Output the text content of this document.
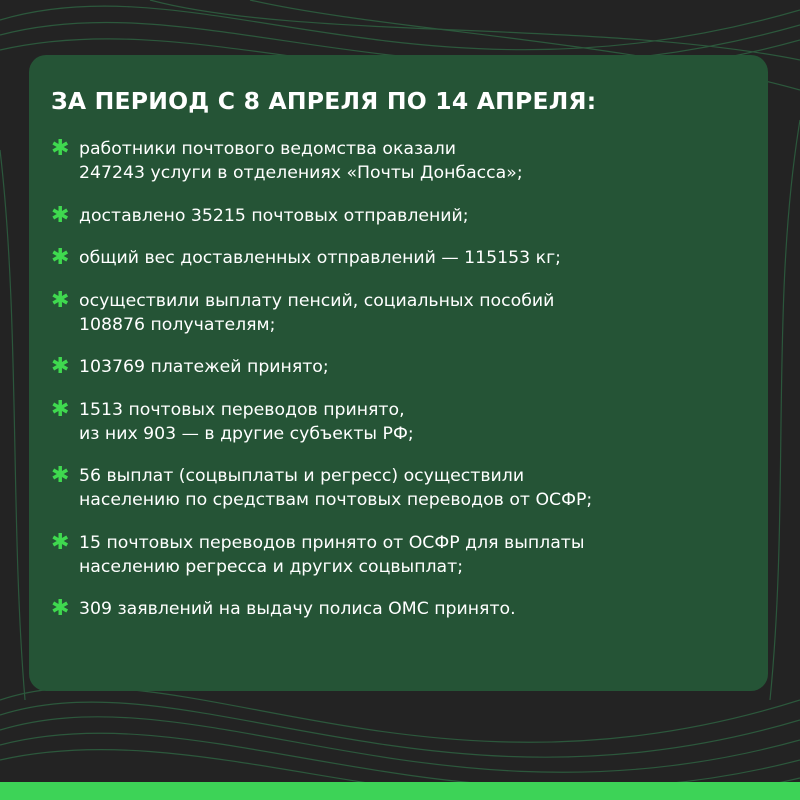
ЗА ПЕРИОД С 8 АПРЕЛЯ ПО 14 АПРЕЛЯ:
✱ работники почтового ведомства оказали
247243 услуги в отделениях «Почты Донбасса»;
✱ доставлено 35215 почтовых отправлений;
✱ общий вес доставленных отправлений — 115153 кг;
✱ осуществили выплату пенсий, социальных пособий
108876 получателям;
✱ 103769 платежей принято;
✱ 1513 почтовых переводов принято,
из них 903 — в другие субъекты РФ;
✱ 56 выплат (соцвыплаты и регресс) осуществили
населению по средствам почтовых переводов от ОСФР;
✱ 15 почтовых переводов принято от ОСФР для выплаты
населению регресса и других соцвыплат;
✱ 309 заявлений на выдачу полиса ОМС принято.
